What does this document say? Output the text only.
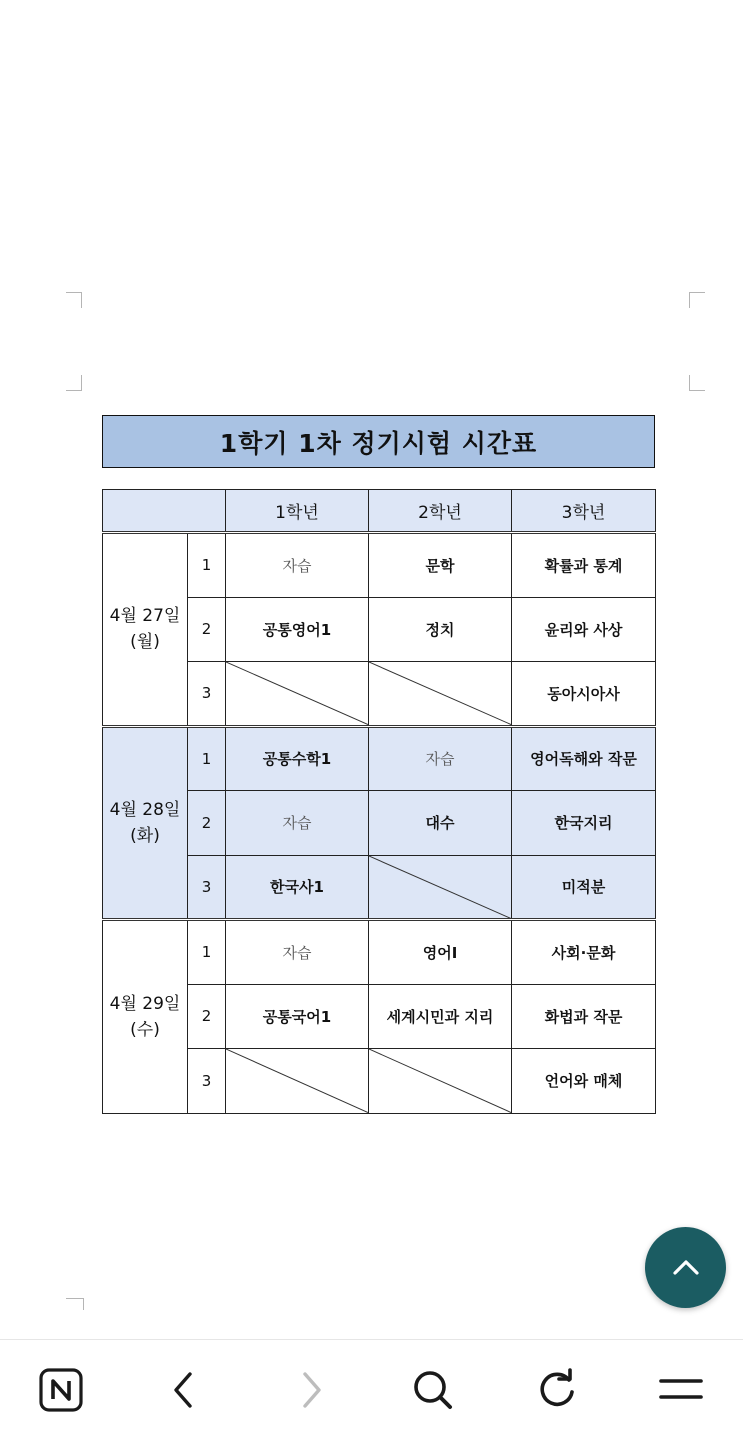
1학기 1차 정기시험 시간표
		1학년	2학년	3학년

4월 27일
(월)	1	자습	문학	확률과 통계
	2	공통영어1	정치	윤리와 사상
	3			동아시아사

4월 28일
(화)	1	공통수학1	자습	영어독해와 작문
	2	자습	대수	한국지리
	3	한국사1		미적분

4월 29일
(수)	1	자습	영어Ⅰ	사회·문화
	2	공통국어1	세계시민과 지리	화법과 작문
	3			언어와 매체
